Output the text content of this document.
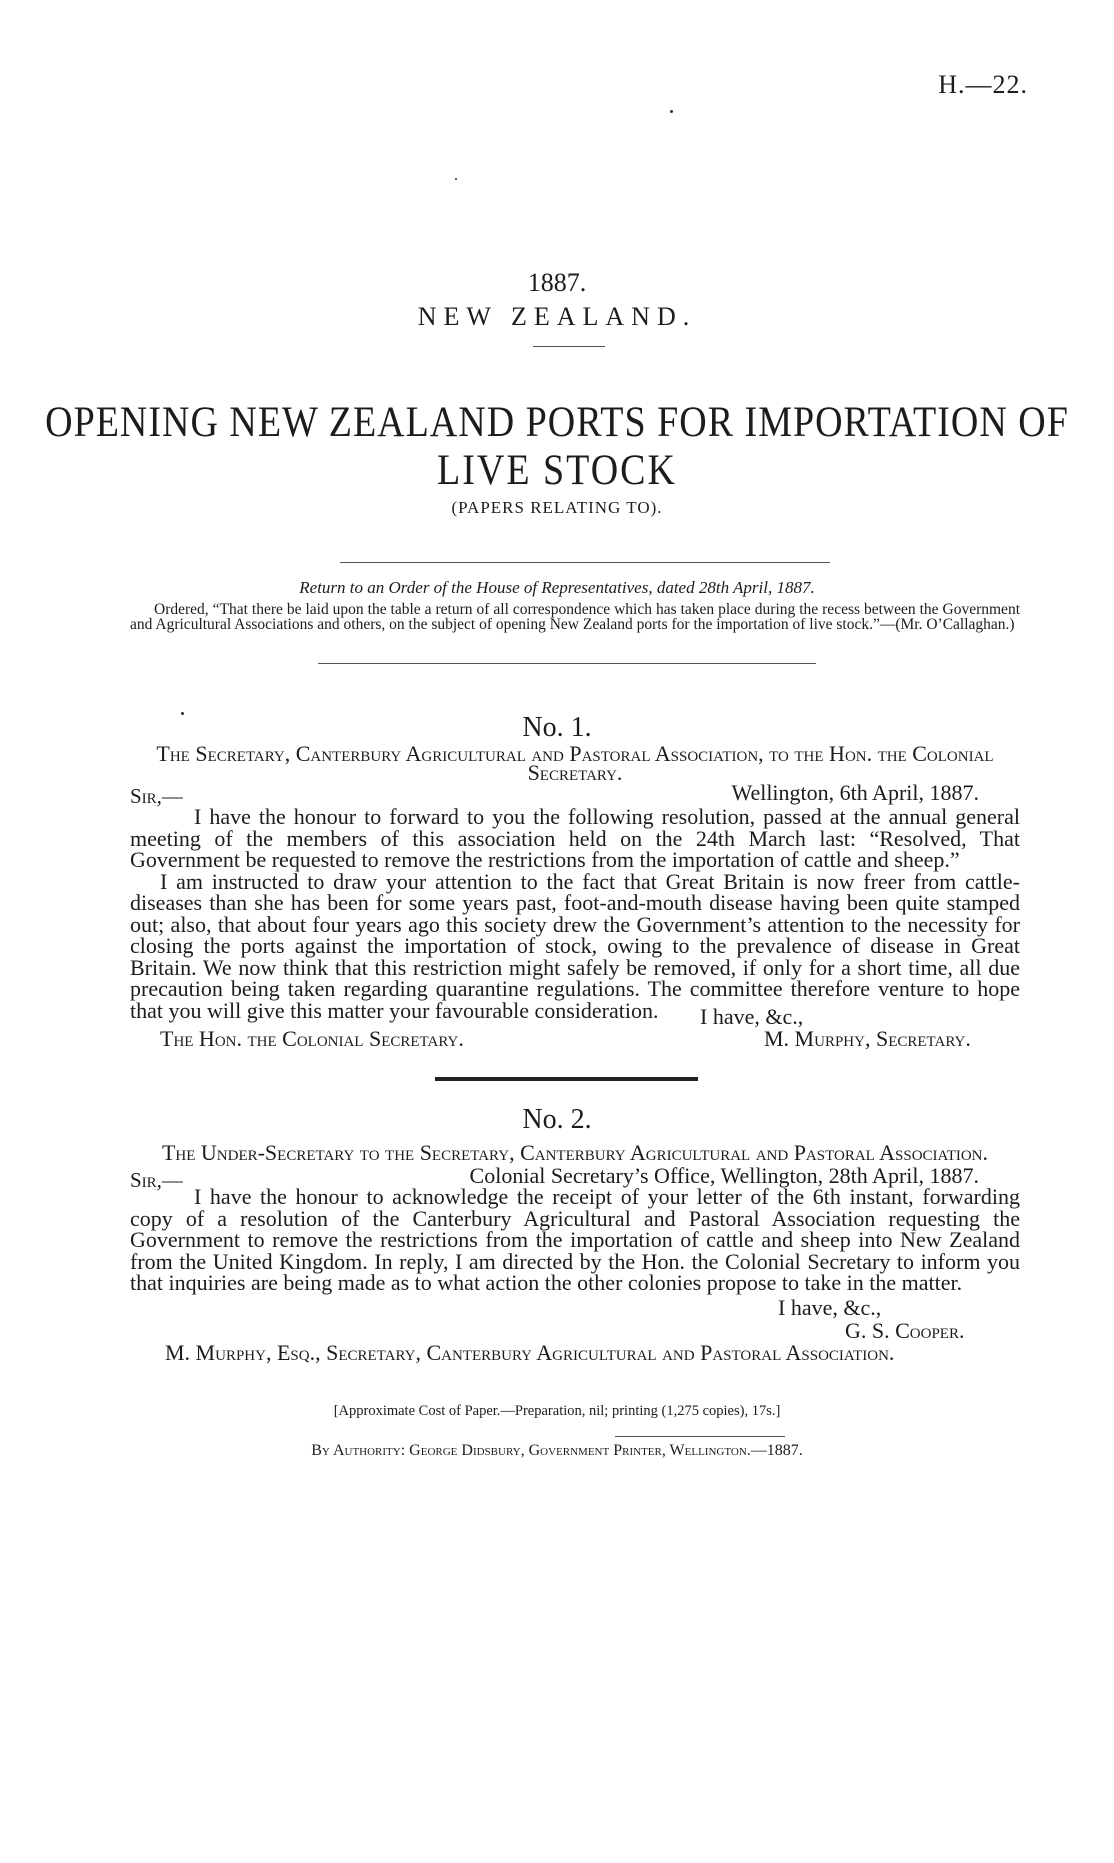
H.—22.
1887.
NEW ZEALAND.
OPENING NEW ZEALAND PORTS FOR IMPORTATION OF
LIVE STOCK
(PAPERS RELATING TO).
Return to an Order of the House of Representatives, dated 28th April, 1887.
Ordered, “That there be laid upon the table a return of all correspondence which has taken place during the recess between the Government and Agricultural Associations and others, on the subject of opening New Zealand ports for the importation of live stock.”—(Mr. O’Callaghan.)
No. 1.
The Secretary, Canterbury Agricultural and Pastoral Association, to the Hon. the Colonial Secretary.
Sir,—	Wellington, 6th April, 1887.

I have the honour to forward to you the following resolution, passed at the annual general meeting of the members of this association held on the 24th March last: “Resolved, That Government be requested to remove the restrictions from the importation of cattle and sheep.”

I am instructed to draw your attention to the fact that Great Britain is now freer from cattle-diseases than she has been for some years past, foot-and-mouth disease having been quite stamped out; also, that about four years ago this society drew the Government’s attention to the necessity for closing the ports against the importation of stock, owing to the prevalence of disease in Great Britain. We now think that this restriction might safely be removed, if only for a short time, all due precaution being taken regarding quarantine regulations. The committee therefore venture to hope that you will give this matter your favourable consideration.	I have, &c.,
The Hon. the Colonial Secretary.	M. Murphy, Secretary.
No. 2.
The Under-Secretary to the Secretary, Canterbury Agricultural and Pastoral Association.
Sir,—	Colonial Secretary’s Office, Wellington, 28th April, 1887.

I have the honour to acknowledge the receipt of your letter of the 6th instant, forwarding copy of a resolution of the Canterbury Agricultural and Pastoral Association requesting the Government to remove the restrictions from the importation of cattle and sheep into New Zealand from the United Kingdom. In reply, I am directed by the Hon. the Colonial Secretary to inform you that inquiries are being made as to what action the other colonies propose to take in the matter.

I have, &c.,
G. S. Cooper.
M. Murphy, Esq., Secretary, Canterbury Agricultural and Pastoral Association.
[Approximate Cost of Paper.—Preparation, nil; printing (1,275 copies), 17s.]
By Authority: George Didsbury, Government Printer, Wellington.—1887.
